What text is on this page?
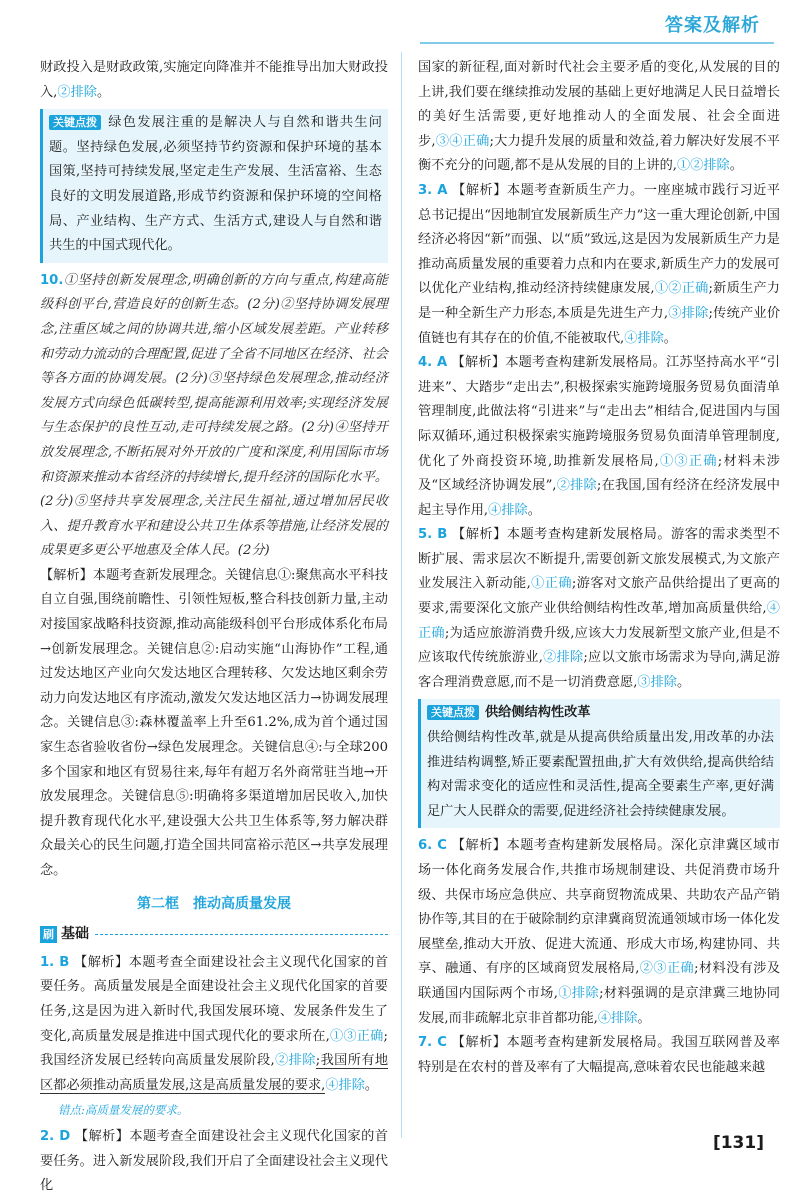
答案及解析

财政投入是财政政策,实施定向降准并不能推导出加大财政投入,②排除。

关键点拨 绿色发展注重的是解决人与自然和谐共生问题。坚持绿色发展,必须坚持节约资源和保护环境的基本国策,坚持可持续发展,坚定走生产发展、生活富裕、生态良好的文明发展道路,形成节约资源和保护环境的空间格局、产业结构、生产方式、生活方式,建设人与自然和谐共生的中国式现代化。

10.①坚持创新发展理念,明确创新的方向与重点,构建高能级科创平台,营造良好的创新生态。(2分)②坚持协调发展理念,注重区域之间的协调共进,缩小区域发展差距。产业转移和劳动力流动的合理配置,促进了全省不同地区在经济、社会等各方面的协调发展。(2分)③坚持绿色发展理念,推动经济发展方式向绿色低碳转型,提高能源利用效率;实现经济发展与生态保护的良性互动,走可持续发展之路。(2分)④坚持开放发展理念,不断拓展对外开放的广度和深度,利用国际市场和资源来推动本省经济的持续增长,提升经济的国际化水平。(2分)⑤坚持共享发展理念,关注民生福祉,通过增加居民收入、提升教育水平和建设公共卫生体系等措施,让经济发展的成果更多更公平地惠及全体人民。(2分)

【解析】本题考查新发展理念。关键信息①:聚焦高水平科技自立自强,围绕前瞻性、引领性短板,整合科技创新力量,主动对接国家战略科技资源,推动高能级科创平台形成体系化布局→创新发展理念。关键信息②:启动实施“山海协作”工程,通过发达地区产业向欠发达地区合理转移、欠发达地区剩余劳动力向发达地区有序流动,激发欠发达地区活力→协调发展理念。关键信息③:森林覆盖率上升至61.2%,成为首个通过国家生态省验收省份→绿色发展理念。关键信息④:与全球200多个国家和地区有贸易往来,每年有超万名外商常驻当地→开放发展理念。关键信息⑤:明确将多渠道增加居民收入,加快提升教育现代化水平,建设强大公共卫生体系等,努力解决群众最关心的民生问题,打造全国共同富裕示范区→共享发展理念。

第二框　推动高质量发展
刷 基础

1. B 【解析】本题考查全面建设社会主义现代化国家的首要任务。高质量发展是全面建设社会主义现代化国家的首要任务,这是因为进入新时代,我国发展环境、发展条件发生了变化,高质量发展是推进中国式现代化的要求所在,①③正确;我国经济发展已经转向高质量发展阶段,②排除;我国所有地区都必须推动高质量发展,这是高质量发展的要求,④排除。

错点:高质量发展的要求。

2. D 【解析】本题考查全面建设社会主义现代化国家的首要任务。进入新发展阶段,我们开启了全面建设社会主义现代化

国家的新征程,面对新时代社会主要矛盾的变化,从发展的目的上讲,我们要在继续推动发展的基础上更好地满足人民日益增长的美好生活需要,更好地推动人的全面发展、社会全面进步,③④正确;大力提升发展的质量和效益,着力解决好发展不平衡不充分的问题,都不是从发展的目的上讲的,①②排除。

3. A 【解析】本题考查新质生产力。一座座城市践行习近平总书记提出“因地制宜发展新质生产力”这一重大理论创新,中国经济必将因“新”而强、以“质”致远,这是因为发展新质生产力是推动高质量发展的重要着力点和内在要求,新质生产力的发展可以优化产业结构,推动经济持续健康发展,①②正确;新质生产力是一种全新生产力形态,本质是先进生产力,③排除;传统产业价值链也有其存在的价值,不能被取代,④排除。

4. A 【解析】本题考查构建新发展格局。江苏坚持高水平“引进来”、大踏步“走出去”,积极探索实施跨境服务贸易负面清单管理制度,此做法将“引进来”与“走出去”相结合,促进国内与国际双循环,通过积极探索实施跨境服务贸易负面清单管理制度,优化了外商投资环境,助推新发展格局,①③正确;材料未涉及“区域经济协调发展”,②排除;在我国,国有经济在经济发展中起主导作用,④排除。

5. B 【解析】本题考查构建新发展格局。游客的需求类型不断扩展、需求层次不断提升,需要创新文旅发展模式,为文旅产业发展注入新动能,①正确;游客对文旅产品供给提出了更高的要求,需要深化文旅产业供给侧结构性改革,增加高质量供给,④正确;为适应旅游消费升级,应该大力发展新型文旅产业,但是不应该取代传统旅游业,②排除;应以文旅市场需求为导向,满足游客合理消费意愿,而不是一切消费意愿,③排除。

关键点拨 供给侧结构性改革

供给侧结构性改革,就是从提高供给质量出发,用改革的办法推进结构调整,矫正要素配置扭曲,扩大有效供给,提高供给结构对需求变化的适应性和灵活性,提高全要素生产率,更好满足广大人民群众的需要,促进经济社会持续健康发展。

6. C 【解析】本题考查构建新发展格局。深化京津冀区域市场一体化商务发展合作,共推市场规制建设、共促消费市场升级、共保市场应急供应、共享商贸物流成果、共助农产品产销协作等,其目的在于破除制约京津冀商贸流通领域市场一体化发展壁垒,推动大开放、促进大流通、形成大市场,构建协同、共享、融通、有序的区域商贸发展格局,②③正确;材料没有涉及联通国内国际两个市场,①排除;材料强调的是京津冀三地协同发展,而非疏解北京非首都功能,④排除。

7. C 【解析】本题考查构建新发展格局。我国互联网普及率特别是在农村的普及率有了大幅提高,意味着农民也能越来越

[131]
